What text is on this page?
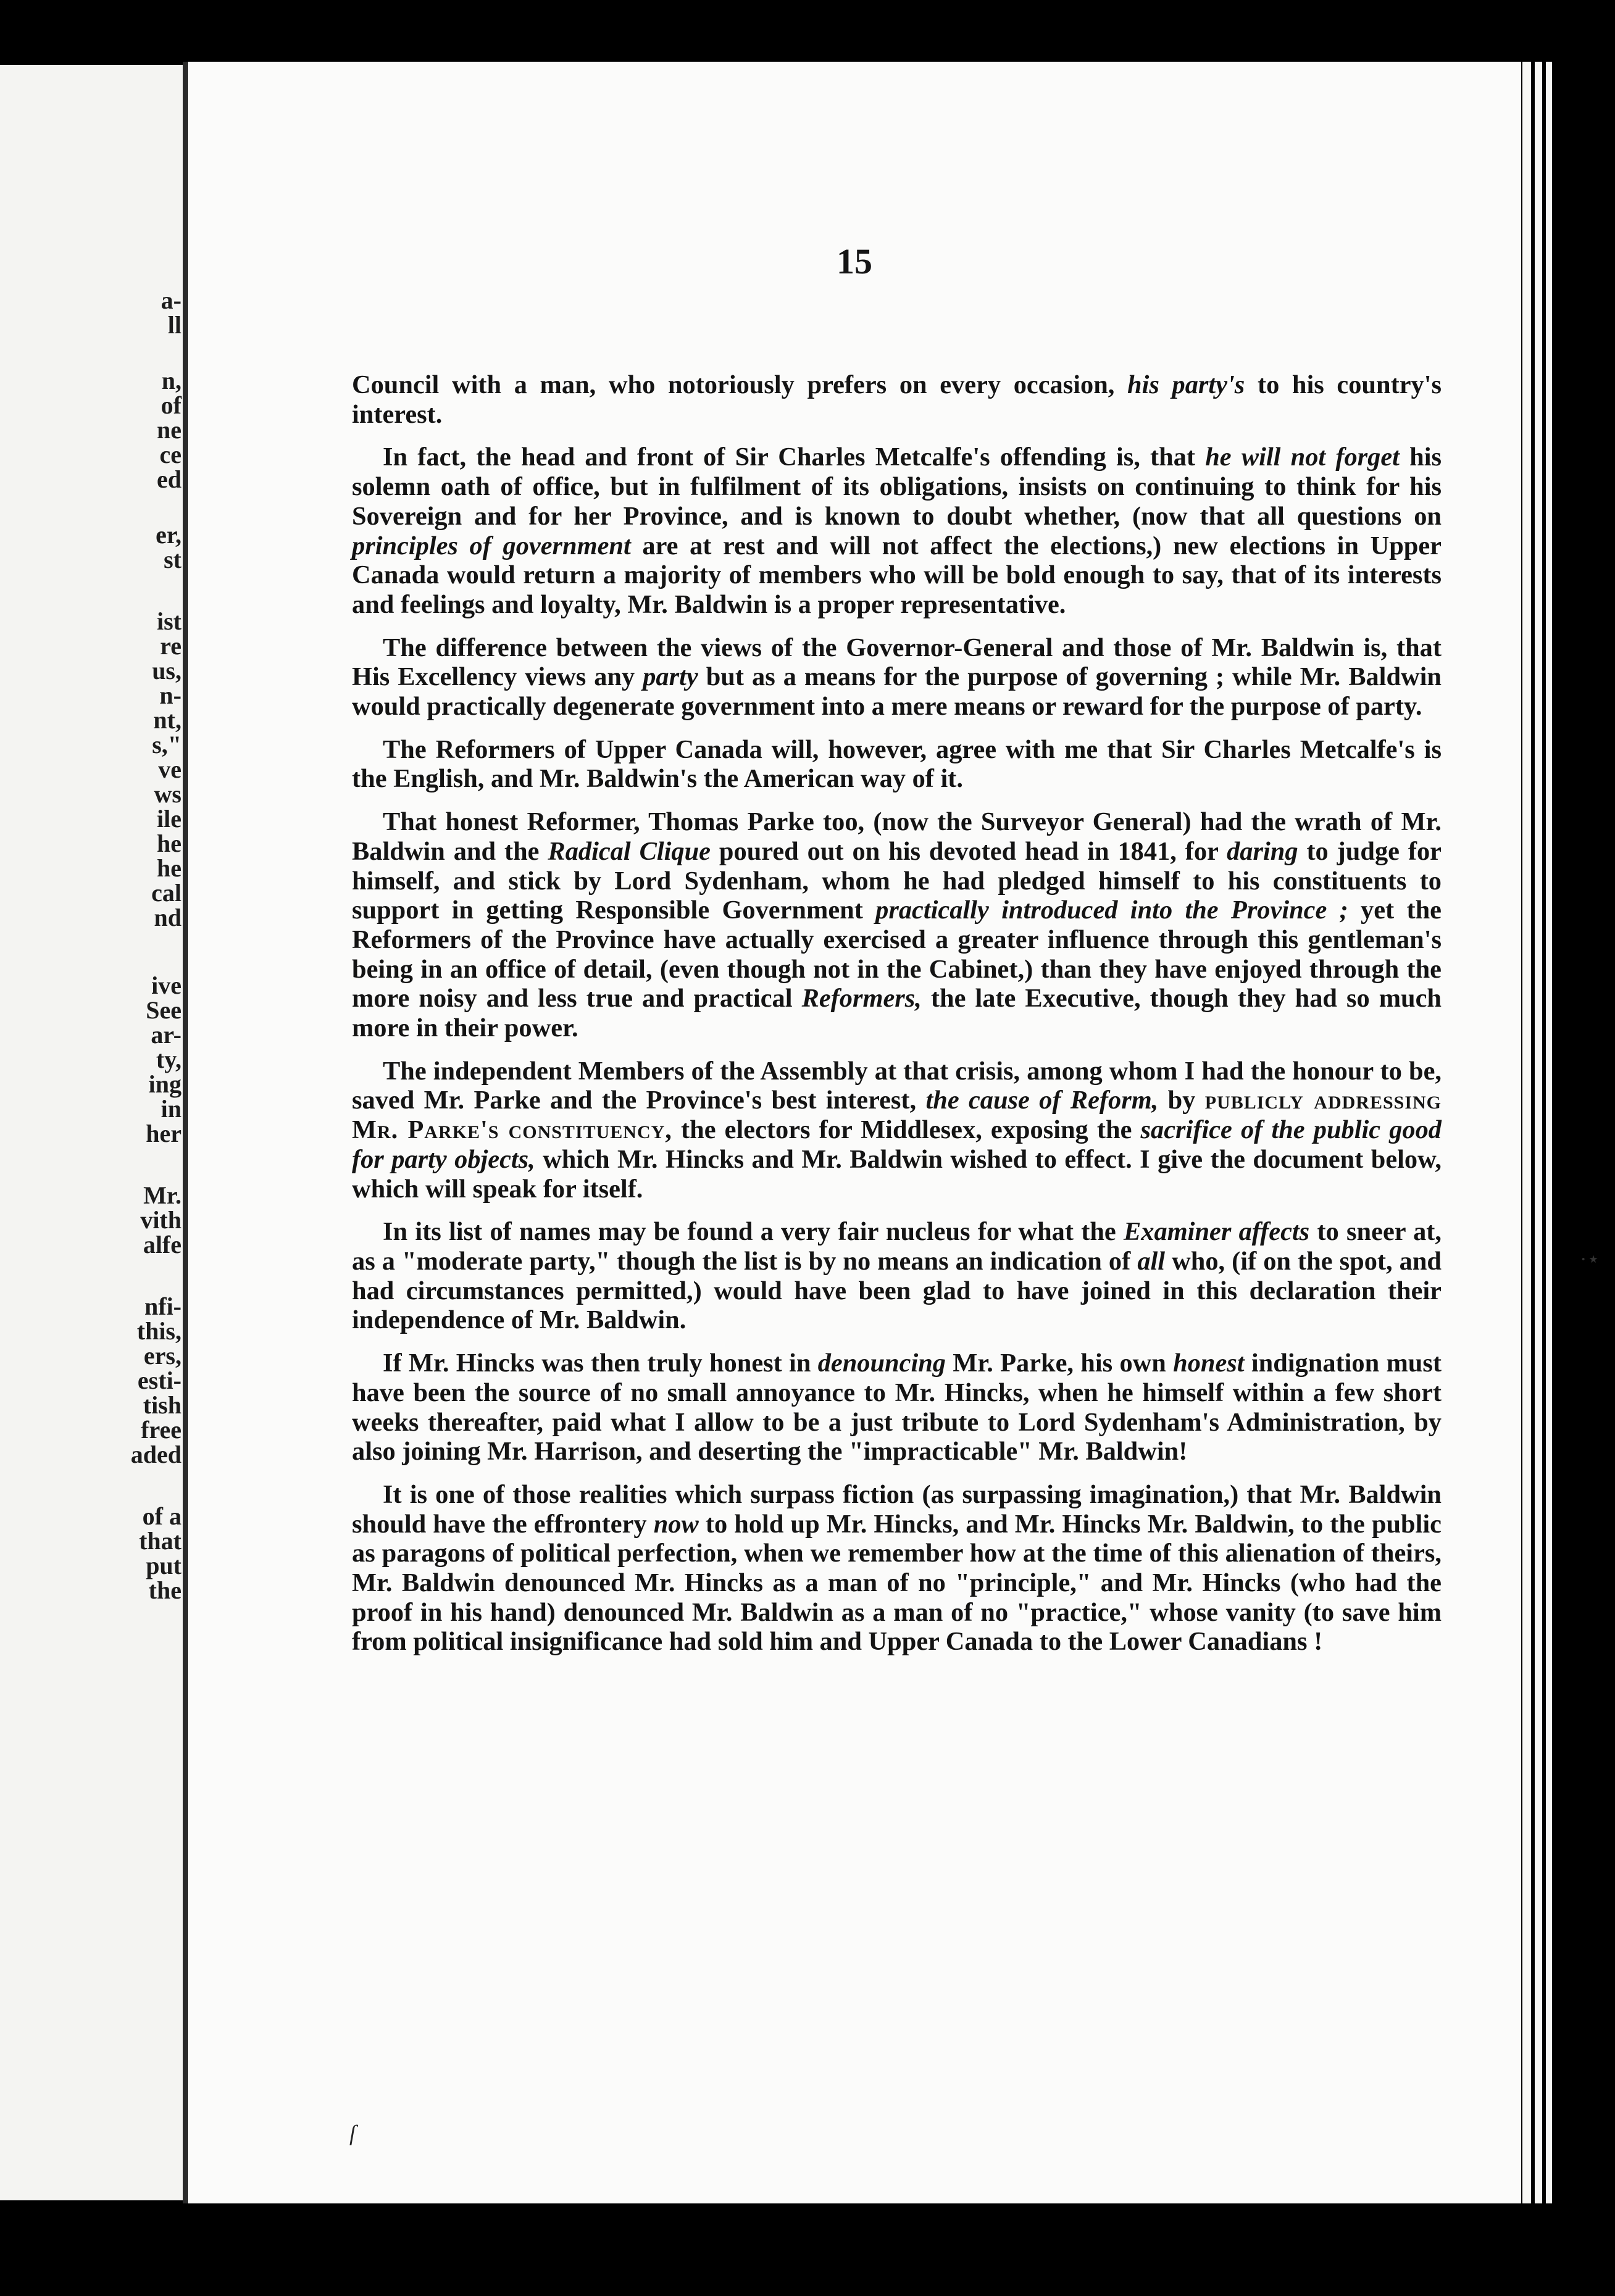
a-
ll
n,
of
ne
ce
ed
er,
st
ist
re
us,
n-
nt,
s,"
ve
ws
ile
he
he
cal
nd
ive
See
ar-
ty,
ing
in
her
Mr.
vith
alfe
nfi-
this,
ers,
esti-
tish
free
aded
of a
that
put
the
15

Council with a man, who notoriously prefers on every occasion, his party's to his country's interest.

In fact, the head and front of Sir Charles Metcalfe's offending is, that he will not forget his solemn oath of office, but in fulfilment of its obligations, insists on continuing to think for his Sovereign and for her Province, and is known to doubt whether, (now that all questions on principles of government are at rest and will not affect the elections,) new elections in Upper Canada would return a majority of members who will be bold enough to say, that of its interests and feelings and loyalty, Mr. Baldwin is a proper representative.

The difference between the views of the Governor-General and those of Mr. Baldwin is, that His Excellency views any party but as a means for the purpose of governing ; while Mr. Baldwin would practically degenerate government into a mere means or reward for the purpose of party.

The Reformers of Upper Canada will, however, agree with me that Sir Charles Metcalfe's is the English, and Mr. Baldwin's the American way of it.

That honest Reformer, Thomas Parke too, (now the Surveyor General) had the wrath of Mr. Baldwin and the Radical Clique poured out on his devoted head in 1841, for daring to judge for himself, and stick by Lord Sydenham, whom he had pledged himself to his constituents to support in getting Responsible Government practically introduced into the Province ; yet the Reformers of the Province have actually exercised a greater influence through this gentleman's being in an office of detail, (even though not in the Cabinet,) than they have enjoyed through the more noisy and less true and practical Reformers, the late Executive, though they had so much more in their power.

The independent Members of the Assembly at that crisis, among whom I had the honour to be, saved Mr. Parke and the Province's best interest, the cause of Reform, by publicly addressing Mr. Parke's constituency, the electors for Middlesex, exposing the sacrifice of the public good for party objects, which Mr. Hincks and Mr. Baldwin wished to effect. I give the document below, which will speak for itself.

In its list of names may be found a very fair nucleus for what the Examiner affects to sneer at, as a "moderate party," though the list is by no means an indication of all who, (if on the spot, and had circumstances permitted,) would have been glad to have joined in this declaration their independence of Mr. Baldwin.

If Mr. Hincks was then truly honest in denouncing Mr. Parke, his own honest indignation must have been the source of no small annoyance to Mr. Hincks, when he himself within a few short weeks thereafter, paid what I allow to be a just tribute to Lord Sydenham's Administration, by also joining Mr. Harrison, and deserting the "impracticable" Mr. Baldwin!

It is one of those realities which surpass fiction (as surpassing imagination,) that Mr. Baldwin should have the effrontery now to hold up Mr. Hincks, and Mr. Hincks Mr. Baldwin, to the public as paragons of political perfection, when we remember how at the time of this alienation of theirs, Mr. Baldwin denounced Mr. Hincks as a man of no "principle," and Mr. Hincks (who had the proof in his hand) denounced Mr. Baldwin as a man of no "practice," whose vanity (to save him from political insignificance had sold him and Upper Canada to the Lower Canadians !

ſ
·⋆
